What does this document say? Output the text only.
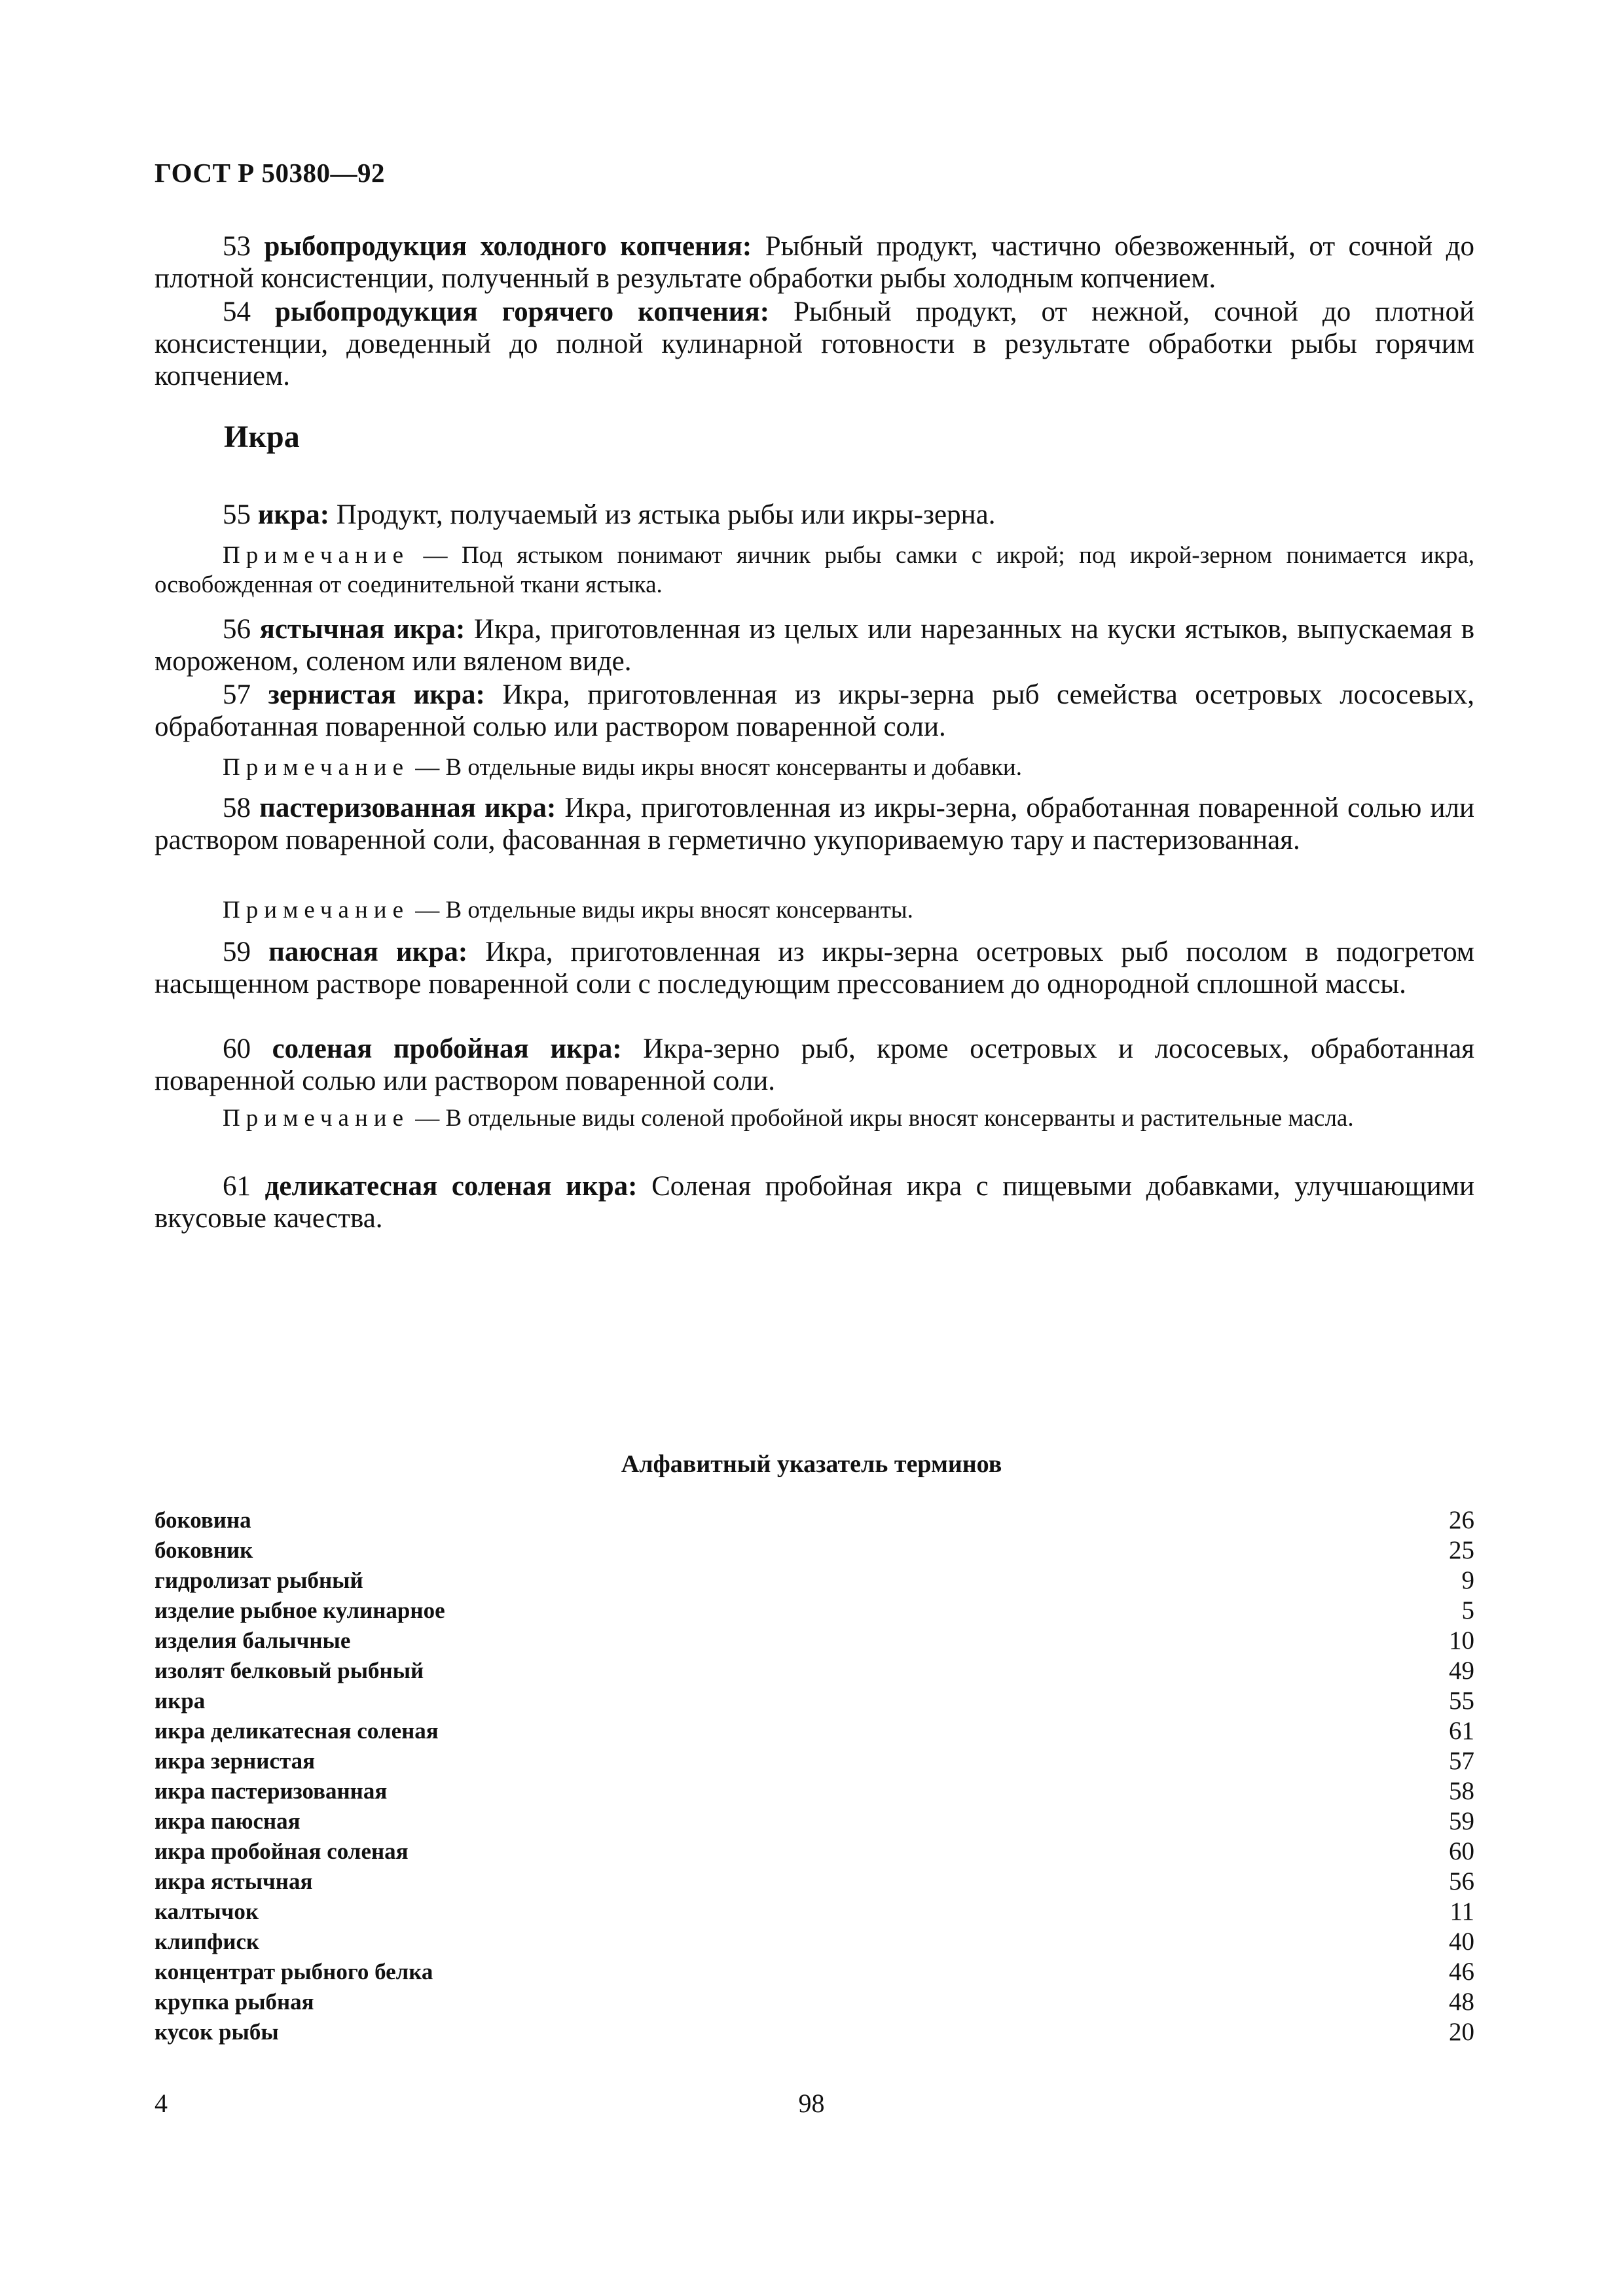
ГОСТ Р 50380—92
53 рыбопродукция холодного копчения: Рыбный продукт, частично обезвоженный, от сочной до плотной консистенции, полученный в результате обработки рыбы холодным копчением.
54 рыбопродукция горячего копчения: Рыбный продукт, от нежной, сочной до плотной консистенции, доведенный до полной кулинарной готовности в результате обработки рыбы горячим копчением.
Икра
55 икра: Продукт, получаемый из ястыка рыбы или икры-зерна.
Примечание — Под ястыком понимают яичник рыбы самки с икрой; под икрой-зерном понимается икра, освобожденная от соединительной ткани ястыка.
56 ястычная икра: Икра, приготовленная из целых или нарезанных на куски ястыков, выпускаемая в мороженом, соленом или вяленом виде.
57 зернистая икра: Икра, приготовленная из икры-зерна рыб семейства осетровых лососевых, обработанная поваренной солью или раствором поваренной соли.
Примечание — В отдельные виды икры вносят консерванты и добавки.
58 пастеризованная икра: Икра, приготовленная из икры-зерна, обработанная поваренной солью или раствором поваренной соли, фасованная в герметично укупориваемую тару и пастеризованная.
Примечание — В отдельные виды икры вносят консерванты.
59 паюсная икра: Икра, приготовленная из икры-зерна осетровых рыб посолом в подогретом насыщенном растворе поваренной соли с последующим прессованием до однородной сплошной массы.
60 соленая пробойная икра: Икра-зерно рыб, кроме осетровых и лососевых, обработанная поваренной солью или раствором поваренной соли.
Примечание — В отдельные виды соленой пробойной икры вносят консерванты и растительные масла.
61 деликатесная соленая икра: Соленая пробойная икра с пищевыми добавками, улучшающими вкусовые качества.
Алфавитный указатель терминов
боковина	26
боковник	25
гидролизат рыбный	9
изделие рыбное кулинарное	5
изделия балычные	10
изолят белковый рыбный	49
икра	55
икра деликатесная соленая	61
икра зернистая	57
икра пастеризованная	58
икра паюсная	59
икра пробойная соленая	60
икра ястычная	56
калтычок	11
клипфиск	40
концентрат рыбного белка	46
крупка рыбная	48
кусок рыбы	20
4	98
